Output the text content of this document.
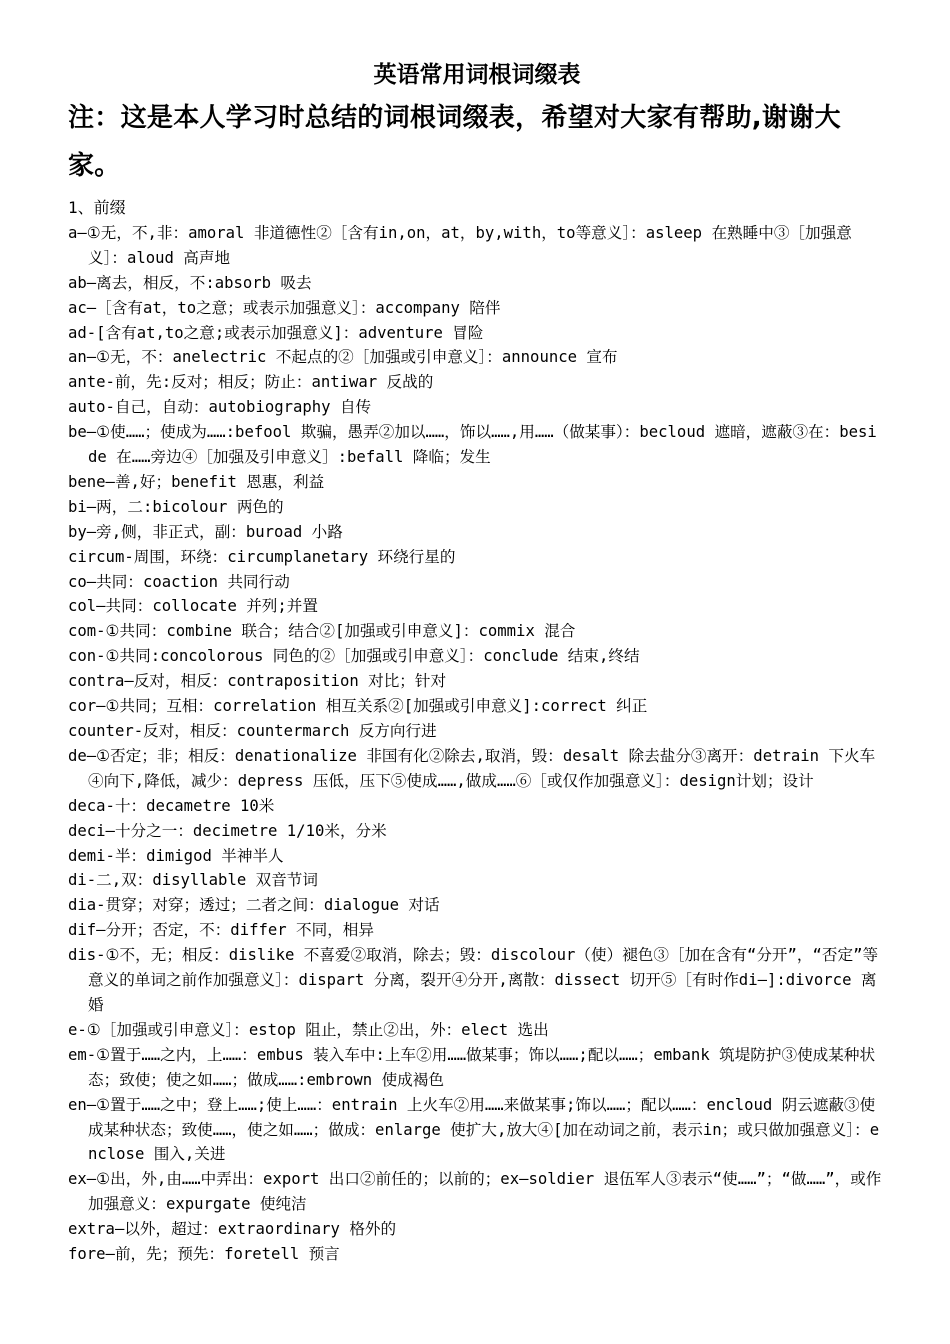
英语常用词根词缀表
注：这是本人学习时总结的词根词缀表，希望对大家有帮助,谢谢大家。
1、前缀
a—①无，不,非：amoral 非道德性②［含有in,on，at，by,with，to等意义］：asleep 在熟睡中③［加强意义］：aloud 高声地
ab—离去，相反，不:absorb 吸去
ac—［含有at，to之意；或表示加强意义］：accompany 陪伴
ad-[含有at,to之意;或表示加强意义]：adventure 冒险
an—①无，不：anelectric 不起点的②［加强或引申意义］：announce 宣布
ante-前，先:反对；相反；防止：antiwar 反战的
auto-自己，自动：autobiography 自传
be—①使……；使成为……:befool 欺骗，愚弄②加以……，饰以……,用……（做某事）：becloud 遮暗，遮蔽③在：beside 在……旁边④［加强及引申意义］:befall 降临；发生
bene—善,好；benefit 恩惠，利益
bi—两，二:bicolour 两色的
by—旁,侧，非正式，副：buroad 小路
circum-周围，环绕：circumplanetary 环绕行星的
co—共同：coaction 共同行动
col—共同：collocate 并列;并置
com-①共同：combine 联合；结合②[加强或引申意义]：commix 混合
con-①共同:concolorous 同色的②［加强或引申意义］：conclude 结束,终结
contra—反对，相反：contraposition 对比；针对
cor—①共同；互相：correlation 相互关系②[加强或引申意义]:correct 纠正
counter-反对，相反：countermarch 反方向行进
de—①否定；非；相反：denationalize 非国有化②除去,取消，毁：desalt 除去盐分③离开：detrain 下火车④向下,降低，减少：depress 压低，压下⑤使成……,做成……⑥［或仅作加强意义］：design计划；设计
deca-十：decametre 10米
deci—十分之一：decimetre 1/10米，分米
demi-半：dimigod 半神半人
di-二,双：disyllable 双音节词
dia-贯穿；对穿；透过；二者之间：dialogue 对话
dif—分开；否定，不：differ 不同，相异
dis-①不，无；相反：dislike 不喜爱②取消，除去；毁：discolour（使）褪色③［加在含有“分开”，“否定”等意义的单词之前作加强意义］：dispart 分离，裂开④分开,离散：dissect 切开⑤［有时作di—]:divorce 离婚
e-①［加强或引申意义］：estop 阻止，禁止②出，外：elect 选出
em-①置于……之内，上……：embus 装入车中:上车②用……做某事；饰以……;配以……；embank 筑堤防护③使成某种状态；致使；使之如……；做成……:embrown 使成褐色
en—①置于……之中；登上……;使上……：entrain 上火车②用……来做某事;饰以……；配以……：encloud 阴云遮蔽③使成某种状态；致使……，使之如……；做成：enlarge 使扩大,放大④[加在动词之前，表示in；或只做加强意义］：enclose 围入,关进
ex—①出，外,由……中弄出：export 出口②前任的；以前的；ex—soldier 退伍军人③表示“使……”；“做……”，或作加强意义：expurgate 使纯洁
extra—以外，超过：extraordinary 格外的
fore—前，先；预先：foretell 预言
